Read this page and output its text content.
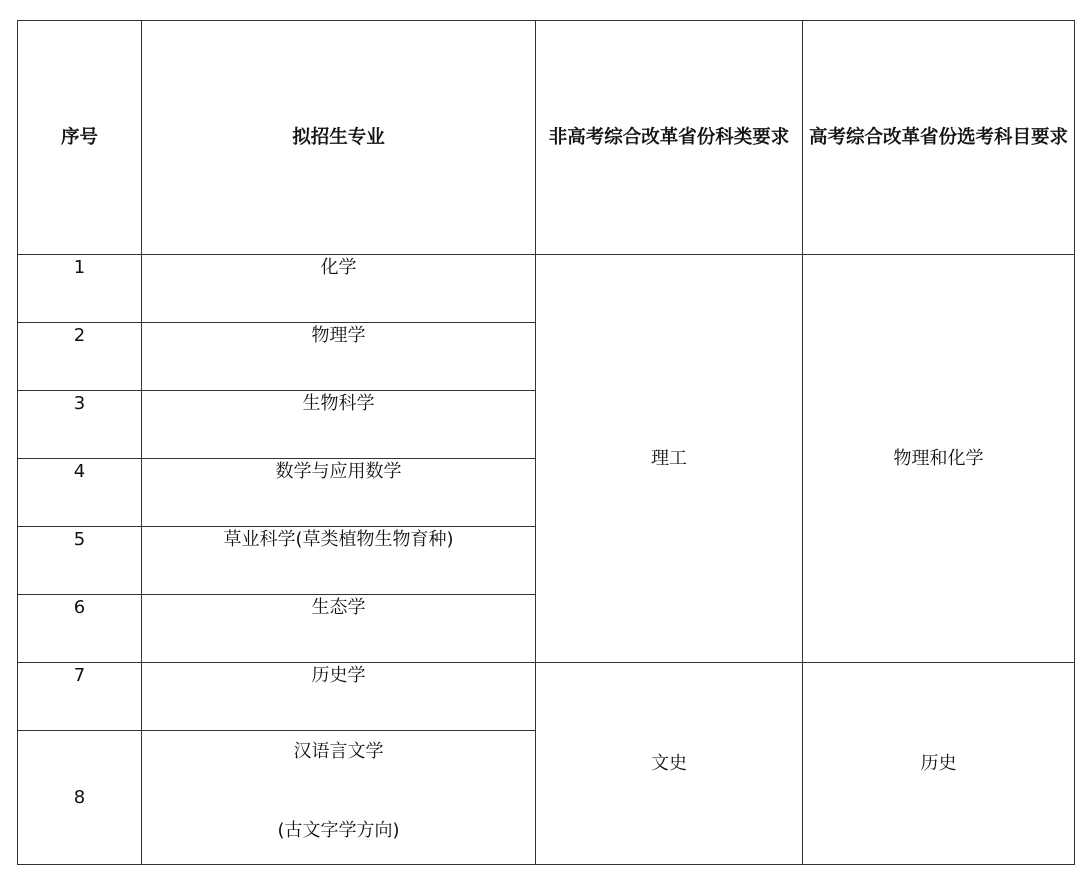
序号	拟招生专业	非高考综合改革省份科类要求	高考综合改革省份选考科目要求
1	化学	理工	物理和化学
2	物理学		
3	生物科学		
4	数学与应用数学		
5	草业科学(草类植物生物育种)		
6	生态学		
7	历史学	文史	历史
8	汉语言文学
(古文字学方向)		
